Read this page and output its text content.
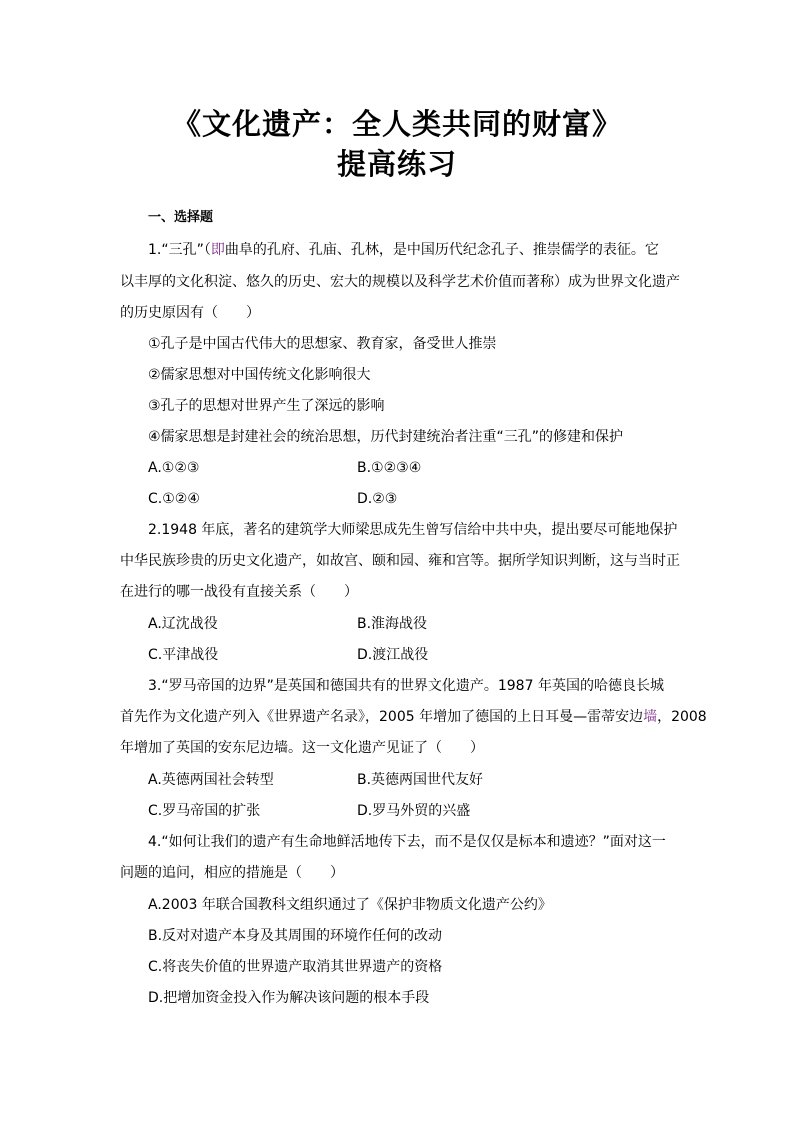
《文化遗产：全人类共同的财富》
提高练习
一、选择题
1.“三孔”（即曲阜的孔府、孔庙、孔林，是中国历代纪念孔子、推崇儒学的表征。它
以丰厚的文化积淀、悠久的历史、宏大的规模以及科学艺术价值而著称）成为世界文化遗产
的历史原因有（　　）
①孔子是中国古代伟大的思想家、教育家，备受世人推崇
②儒家思想对中国传统文化影响很大
③孔子的思想对世界产生了深远的影响
④儒家思想是封建社会的统治思想，历代封建统治者注重“三孔”的修建和保护
A.①②③	B.①②③④
C.①②④	D.②③
2.1948 年底，著名的建筑学大师梁思成先生曾写信给中共中央，提出要尽可能地保护
中华民族珍贵的历史文化遗产，如故宫、颐和园、雍和宫等。据所学知识判断，这与当时正
在进行的哪一战役有直接关系（　　）
A.辽沈战役	B.淮海战役
C.平津战役	D.渡江战役
3.“罗马帝国的边界”是英国和德国共有的世界文化遗产。1987 年英国的哈德良长城
首先作为文化遗产列入《世界遗产名录》，2005 年增加了德国的上日耳曼—雷蒂安边墙，2008
年增加了英国的安东尼边墙。这一文化遗产见证了（　　）
A.英德两国社会转型	B.英德两国世代友好
C.罗马帝国的扩张	D.罗马外贸的兴盛
4.“如何让我们的遗产有生命地鲜活地传下去，而不是仅仅是标本和遗迹？”面对这一
问题的追问，相应的措施是（　　）
A.2003 年联合国教科文组织通过了《保护非物质文化遗产公约》
B.反对对遗产本身及其周围的环境作任何的改动
C.将丧失价值的世界遗产取消其世界遗产的资格
D.把增加资金投入作为解决该问题的根本手段
